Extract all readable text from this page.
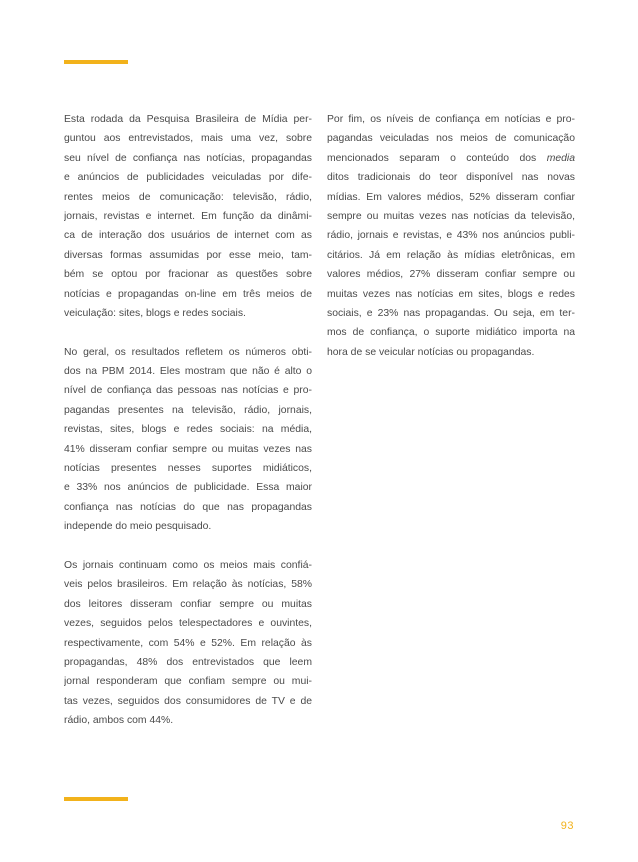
Esta rodada da Pesquisa Brasileira de Mídia per-
guntou aos entrevistados, mais uma vez, sobre
seu nível de confiança nas notícias, propagandas
e anúncios de publicidades veiculadas por dife-
rentes meios de comunicação: televisão, rádio,
jornais, revistas e internet. Em função da dinâmi-
ca de interação dos usuários de internet com as
diversas formas assumidas por esse meio, tam-
bém se optou por fracionar as questões sobre
notícias e propagandas on-line em três meios de
veiculação: sites, blogs e redes sociais.
No geral, os resultados refletem os números obti-
dos na PBM 2014. Eles mostram que não é alto o
nível de confiança das pessoas nas notícias e pro-
pagandas presentes na televisão, rádio, jornais,
revistas, sites, blogs e redes sociais: na média,
41% disseram confiar sempre ou muitas vezes nas
notícias presentes nesses suportes midiáticos,
e 33% nos anúncios de publicidade. Essa maior
confiança nas notícias do que nas propagandas
independe do meio pesquisado.
Os jornais continuam como os meios mais confiá-
veis pelos brasileiros. Em relação às notícias, 58%
dos leitores disseram confiar sempre ou muitas
vezes, seguidos pelos telespectadores e ouvintes,
respectivamente, com 54% e 52%. Em relação às
propagandas, 48% dos entrevistados que leem
jornal responderam que confiam sempre ou mui-
tas vezes, seguidos dos consumidores de TV e de
rádio, ambos com 44%.
Por fim, os níveis de confiança em notícias e pro-
pagandas veiculadas nos meios de comunicação
mencionados separam o conteúdo dos media
ditos tradicionais do teor disponível nas novas
mídias. Em valores médios, 52% disseram confiar
sempre ou muitas vezes nas notícias da televisão,
rádio, jornais e revistas, e 43% nos anúncios publi-
citários. Já em relação às mídias eletrônicas, em
valores médios, 27% disseram confiar sempre ou
muitas vezes nas notícias em sites, blogs e redes
sociais, e 23% nas propagandas. Ou seja, em ter-
mos de confiança, o suporte midiático importa na
hora de se veicular notícias ou propagandas.
93
